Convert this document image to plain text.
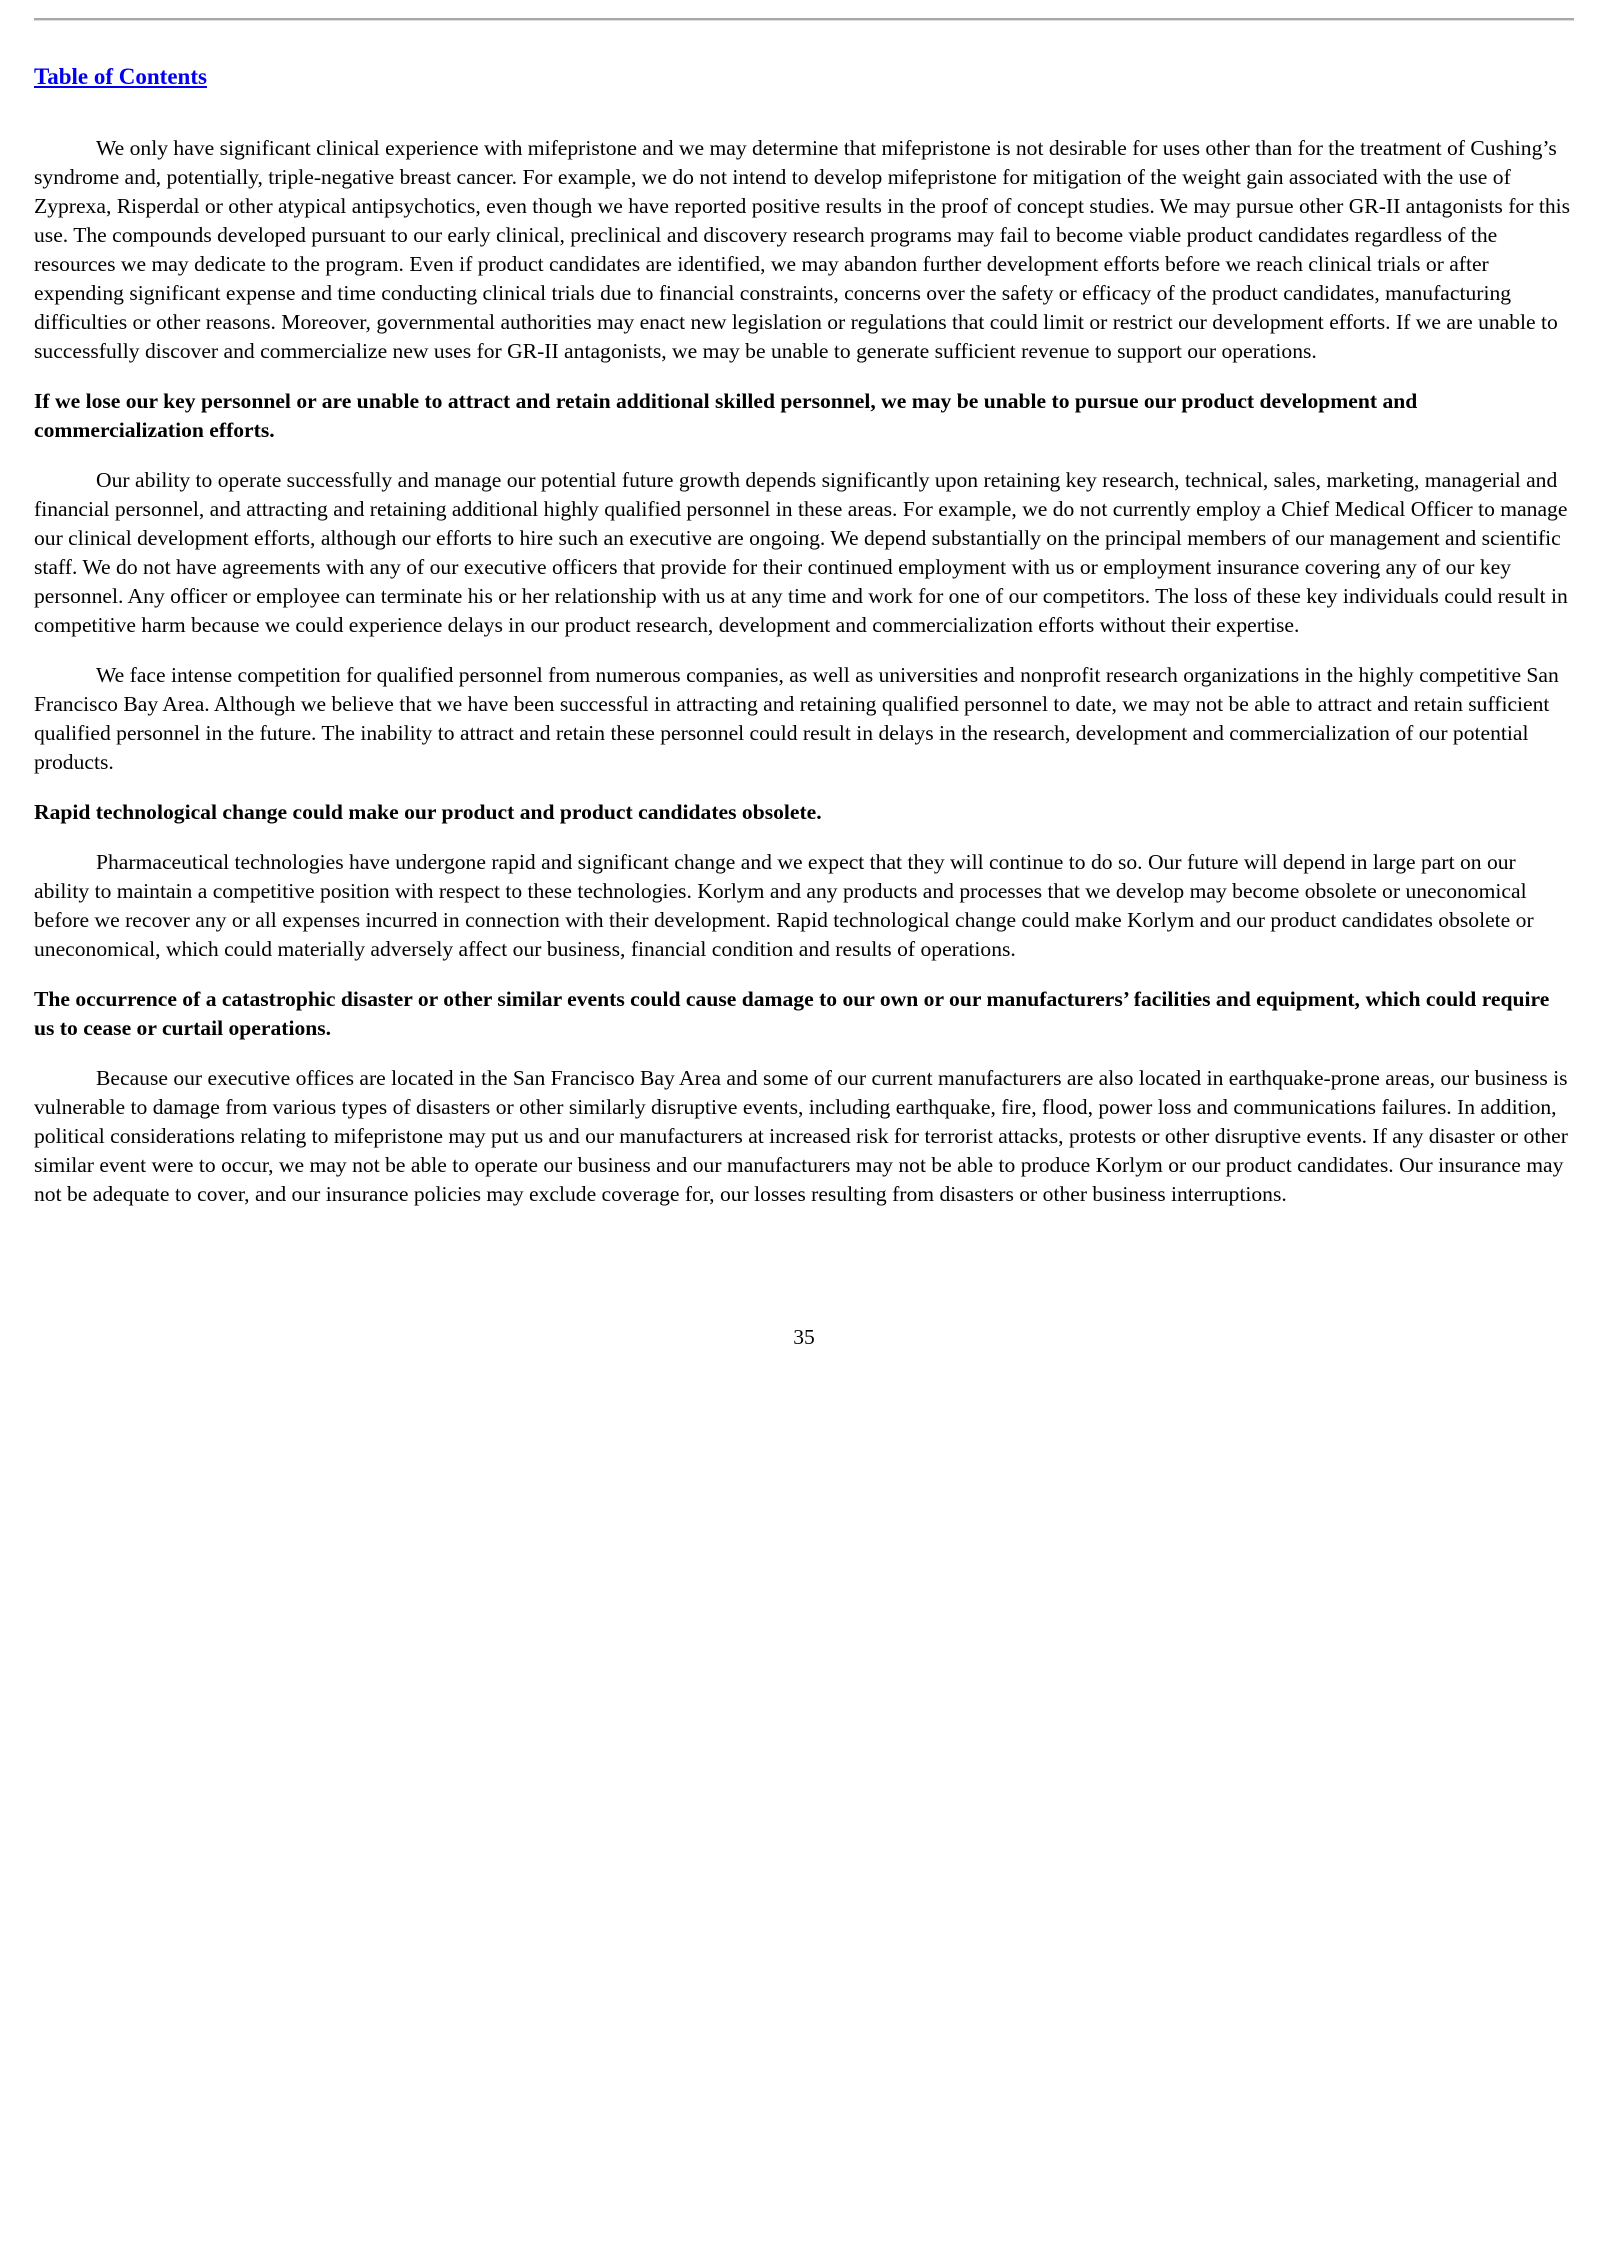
Table of Contents

We only have significant clinical experience with mifepristone and we may determine that mifepristone is not desirable for uses other than for the treatment of Cushing’s syndrome and, potentially, triple-negative breast cancer. For example, we do not intend to develop mifepristone for mitigation of the weight gain associated with the use of Zyprexa, Risperdal or other atypical antipsychotics, even though we have reported positive results in the proof of concept studies. We may pursue other GR-II antagonists for this use. The compounds developed pursuant to our early clinical, preclinical and discovery research programs may fail to become viable product candidates regardless of the resources we may dedicate to the program. Even if product candidates are identified, we may abandon further development efforts before we reach clinical trials or after expending significant expense and time conducting clinical trials due to financial constraints, concerns over the safety or efficacy of the product candidates, manufacturing difficulties or other reasons. Moreover, governmental authorities may enact new legislation or regulations that could limit or restrict our development efforts. If we are unable to successfully discover and commercialize new uses for GR-II antagonists, we may be unable to generate sufficient revenue to support our operations.

If we lose our key personnel or are unable to attract and retain additional skilled personnel, we may be unable to pursue our product development and commercialization efforts.

Our ability to operate successfully and manage our potential future growth depends significantly upon retaining key research, technical, sales, marketing, managerial and financial personnel, and attracting and retaining additional highly qualified personnel in these areas. For example, we do not currently employ a Chief Medical Officer to manage our clinical development efforts, although our efforts to hire such an executive are ongoing. We depend substantially on the principal members of our management and scientific staff. We do not have agreements with any of our executive officers that provide for their continued employment with us or employment insurance covering any of our key personnel. Any officer or employee can terminate his or her relationship with us at any time and work for one of our competitors. The loss of these key individuals could result in competitive harm because we could experience delays in our product research, development and commercialization efforts without their expertise.

We face intense competition for qualified personnel from numerous companies, as well as universities and nonprofit research organizations in the highly competitive San Francisco Bay Area. Although we believe that we have been successful in attracting and retaining qualified personnel to date, we may not be able to attract and retain sufficient qualified personnel in the future. The inability to attract and retain these personnel could result in delays in the research, development and commercialization of our potential products.

Rapid technological change could make our product and product candidates obsolete.

Pharmaceutical technologies have undergone rapid and significant change and we expect that they will continue to do so. Our future will depend in large part on our ability to maintain a competitive position with respect to these technologies. Korlym and any products and processes that we develop may become obsolete or uneconomical before we recover any or all expenses incurred in connection with their development. Rapid technological change could make Korlym and our product candidates obsolete or uneconomical, which could materially adversely affect our business, financial condition and results of operations.

The occurrence of a catastrophic disaster or other similar events could cause damage to our own or our manufacturers’ facilities and equipment, which could require us to cease or curtail operations.

Because our executive offices are located in the San Francisco Bay Area and some of our current manufacturers are also located in earthquake-prone areas, our business is vulnerable to damage from various types of disasters or other similarly disruptive events, including earthquake, fire, flood, power loss and communications failures. In addition, political considerations relating to mifepristone may put us and our manufacturers at increased risk for terrorist attacks, protests or other disruptive events. If any disaster or other similar event were to occur, we may not be able to operate our business and our manufacturers may not be able to produce Korlym or our product candidates. Our insurance may not be adequate to cover, and our insurance policies may exclude coverage for, our losses resulting from disasters or other business interruptions.

35
